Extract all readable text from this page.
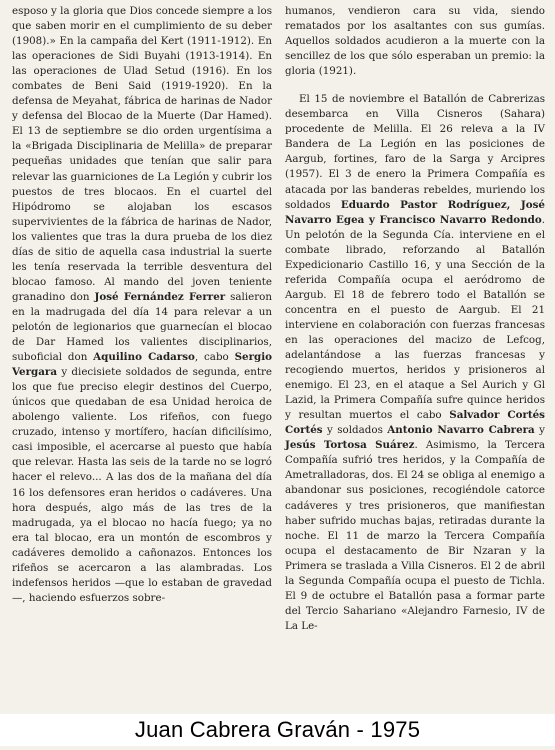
esposo y la gloria que Dios concede siempre a los que saben morir en el cumplimiento de su deber (1908).» En la campaña del Kert (1911-1912). En las operaciones de Sidi Buyahi (1913-1914). En las operaciones de Ulad Setud (1916). En los combates de Beni Said (1919-1920). En la defensa de Meyahat, fábrica de harinas de Nador y defensa del Blocao de la Muerte (Dar Hamed). El 13 de septiembre se dio orden urgentísima a la «Brigada Disciplinaria de Melilla» de preparar pequeñas unidades que tenían que salir para relevar las guarniciones de La Legión y cubrir los puestos de tres blocaos. En el cuartel del Hipódromo se alojaban los escasos supervivientes de la fábrica de harinas de Nador, los valientes que tras la dura prueba de los diez días de sitio de aquella casa industrial la suerte les tenía reservada la terrible desventura del blocao famoso. Al mando del joven teniente granadino don José Fernández Ferrer salieron en la madrugada del día 14 para relevar a un pelotón de legionarios que guarnecían el blocao de Dar Hamed los valientes disciplinarios, suboficial don Aquilino Cadarso, cabo Sergio Vergara y diecisiete soldados de segunda, entre los que fue preciso elegir destinos del Cuerpo, únicos que quedaban de esa Unidad heroica de abolengo valiente. Los rifeños, con fuego cruzado, intenso y mortífero, hacían dificilísimo, casi imposible, el acercarse al puesto que había que relevar. Hasta las seis de la tarde no se logró hacer el relevo... A las dos de la mañana del día 16 los defensores eran heridos o cadáveres. Una hora después, algo más de las tres de la madrugada, ya el blocao no hacía fuego; ya no era tal blocao, era un montón de escombros y cadáveres demolido a cañonazos. Entonces los rifeños se acercaron a las alambradas. Los indefensos heridos —que lo estaban de gravedad—, haciendo esfuerzos sobre-

humanos, vendieron cara su vida, siendo rematados por los asaltantes con sus gumías. Aquellos soldados acudieron a la muerte con la sencillez de los que sólo esperaban un premio: la gloria (1921).

El 15 de noviembre el Batallón de Cabrerizas desembarca en Villa Cisneros (Sahara) procedente de Melilla. El 26 releva a la IV Bandera de La Legión en las posiciones de Aargub, fortines, faro de la Sarga y Arcipres (1957). El 3 de enero la Primera Compañía es atacada por las banderas rebeldes, muriendo los soldados Eduardo Pastor Rodríguez, José Navarro Egea y Francisco Navarro Redondo. Un pelotón de la Segunda Cía. interviene en el combate librado, reforzando al Batallón Expedicionario Castillo 16, y una Sección de la referida Compañía ocupa el aeródromo de Aargub. El 18 de febrero todo el Batallón se concentra en el puesto de Aargub. El 21 interviene en colaboración con fuerzas francesas en las operaciones del macizo de Lefcog, adelantándose a las fuerzas francesas y recogiendo muertos, heridos y prisioneros al enemigo. El 23, en el ataque a Sel Aurich y Gl Lazid, la Primera Compañía sufre quince heridos y resultan muertos el cabo Salvador Cortés Cortés y soldados Antonio Navarro Cabrera y Jesús Tortosa Suárez. Asimismo, la Tercera Compañía sufrió tres heridos, y la Compañía de Ametralladoras, dos. El 24 se obliga al enemigo a abandonar sus posiciones, recogiéndole catorce cadáveres y tres prisioneros, que manifiestan haber sufrido muchas bajas, retiradas durante la noche. El 11 de marzo la Tercera Compañía ocupa el destacamento de Bir Nzaran y la Primera se traslada a Villa Cisneros. El 2 de abril la Segunda Compañía ocupa el puesto de Tichla. El 9 de octubre el Batallón pasa a formar parte del Tercio Sahariano «Alejandro Farnesio, IV de La Le-

Juan Cabrera Graván - 1975
